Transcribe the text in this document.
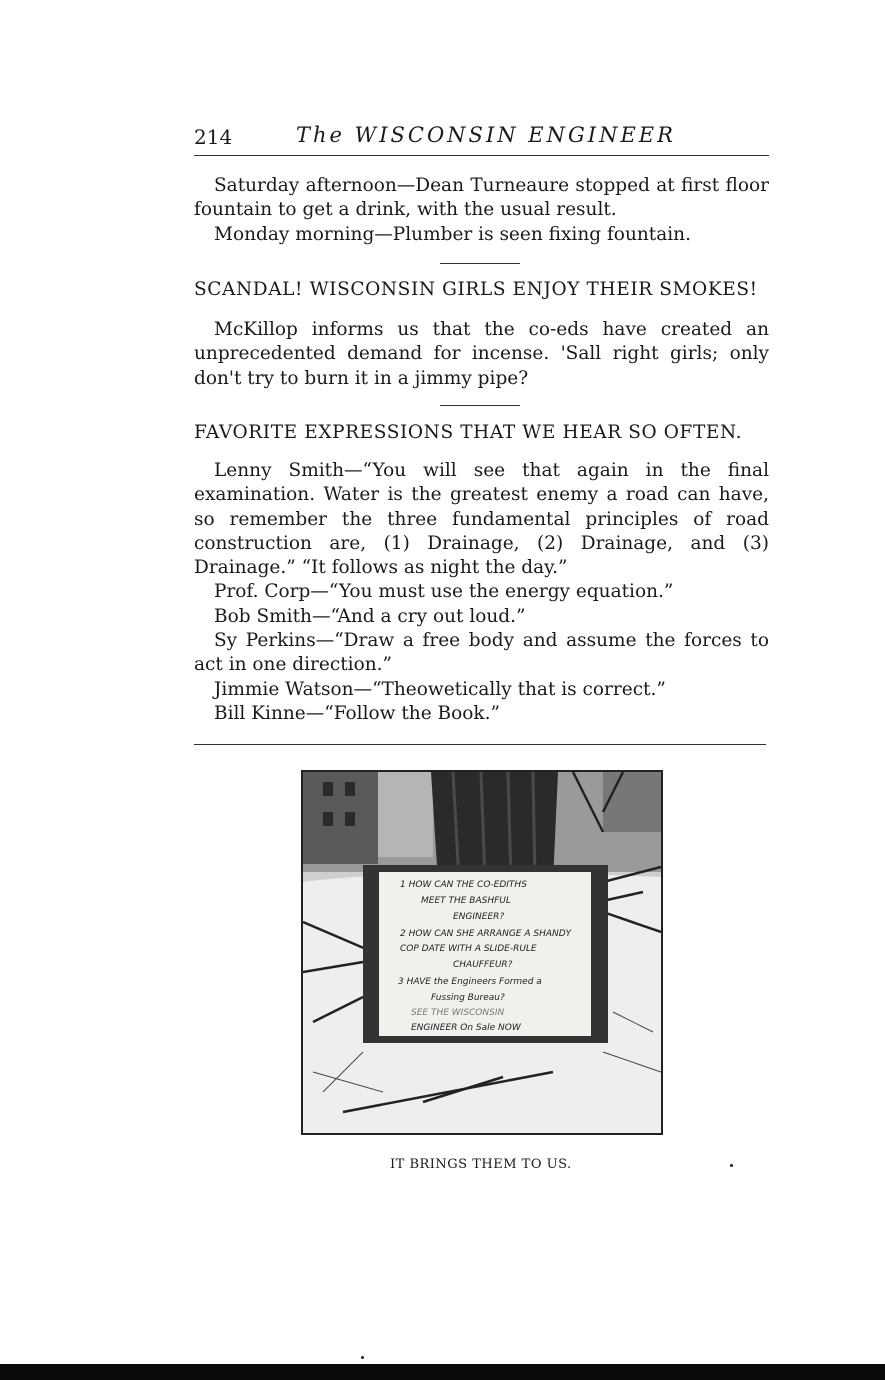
214	The WISCONSIN ENGINEER

Saturday afternoon—Dean Turneaure stopped at first floor fountain to get a drink, with the usual result.

Monday morning—Plumber is seen fixing fountain.

SCANDAL! WISCONSIN GIRLS ENJOY THEIR SMOKES!

McKillop informs us that the co-eds have created an unprecedented demand for incense. 'Sall right girls; only don't try to burn it in a jimmy pipe?

FAVORITE EXPRESSIONS THAT WE HEAR SO OFTEN.

Lenny Smith—“You will see that again in the final examination. Water is the greatest enemy a road can have, so remember the three fundamental principles of road construction are, (1) Drainage, (2) Drainage, and (3) Drainage.” “It follows as night the day.”

Prof. Corp—“You must use the energy equation.”

Bob Smith—“And a cry out loud.”

Sy Perkins—“Draw a free body and assume the forces to act in one direction.”

Jimmie Watson—“Theowetically that is correct.”

Bill Kinne—“Follow the Book.”

1 HOW CAN THE CO-EDITHS
MEET THE BASHFUL
ENGINEER?
2 HOW CAN SHE ARRANGE A SHANDY
COP DATE WITH A SLIDE-RULE
CHAUFFEUR?
3 HAVE the Engineers Formed a
Fussing Bureau?
SEE THE WISCONSIN
ENGINEER On Sale NOW
IT BRINGS THEM TO US.
